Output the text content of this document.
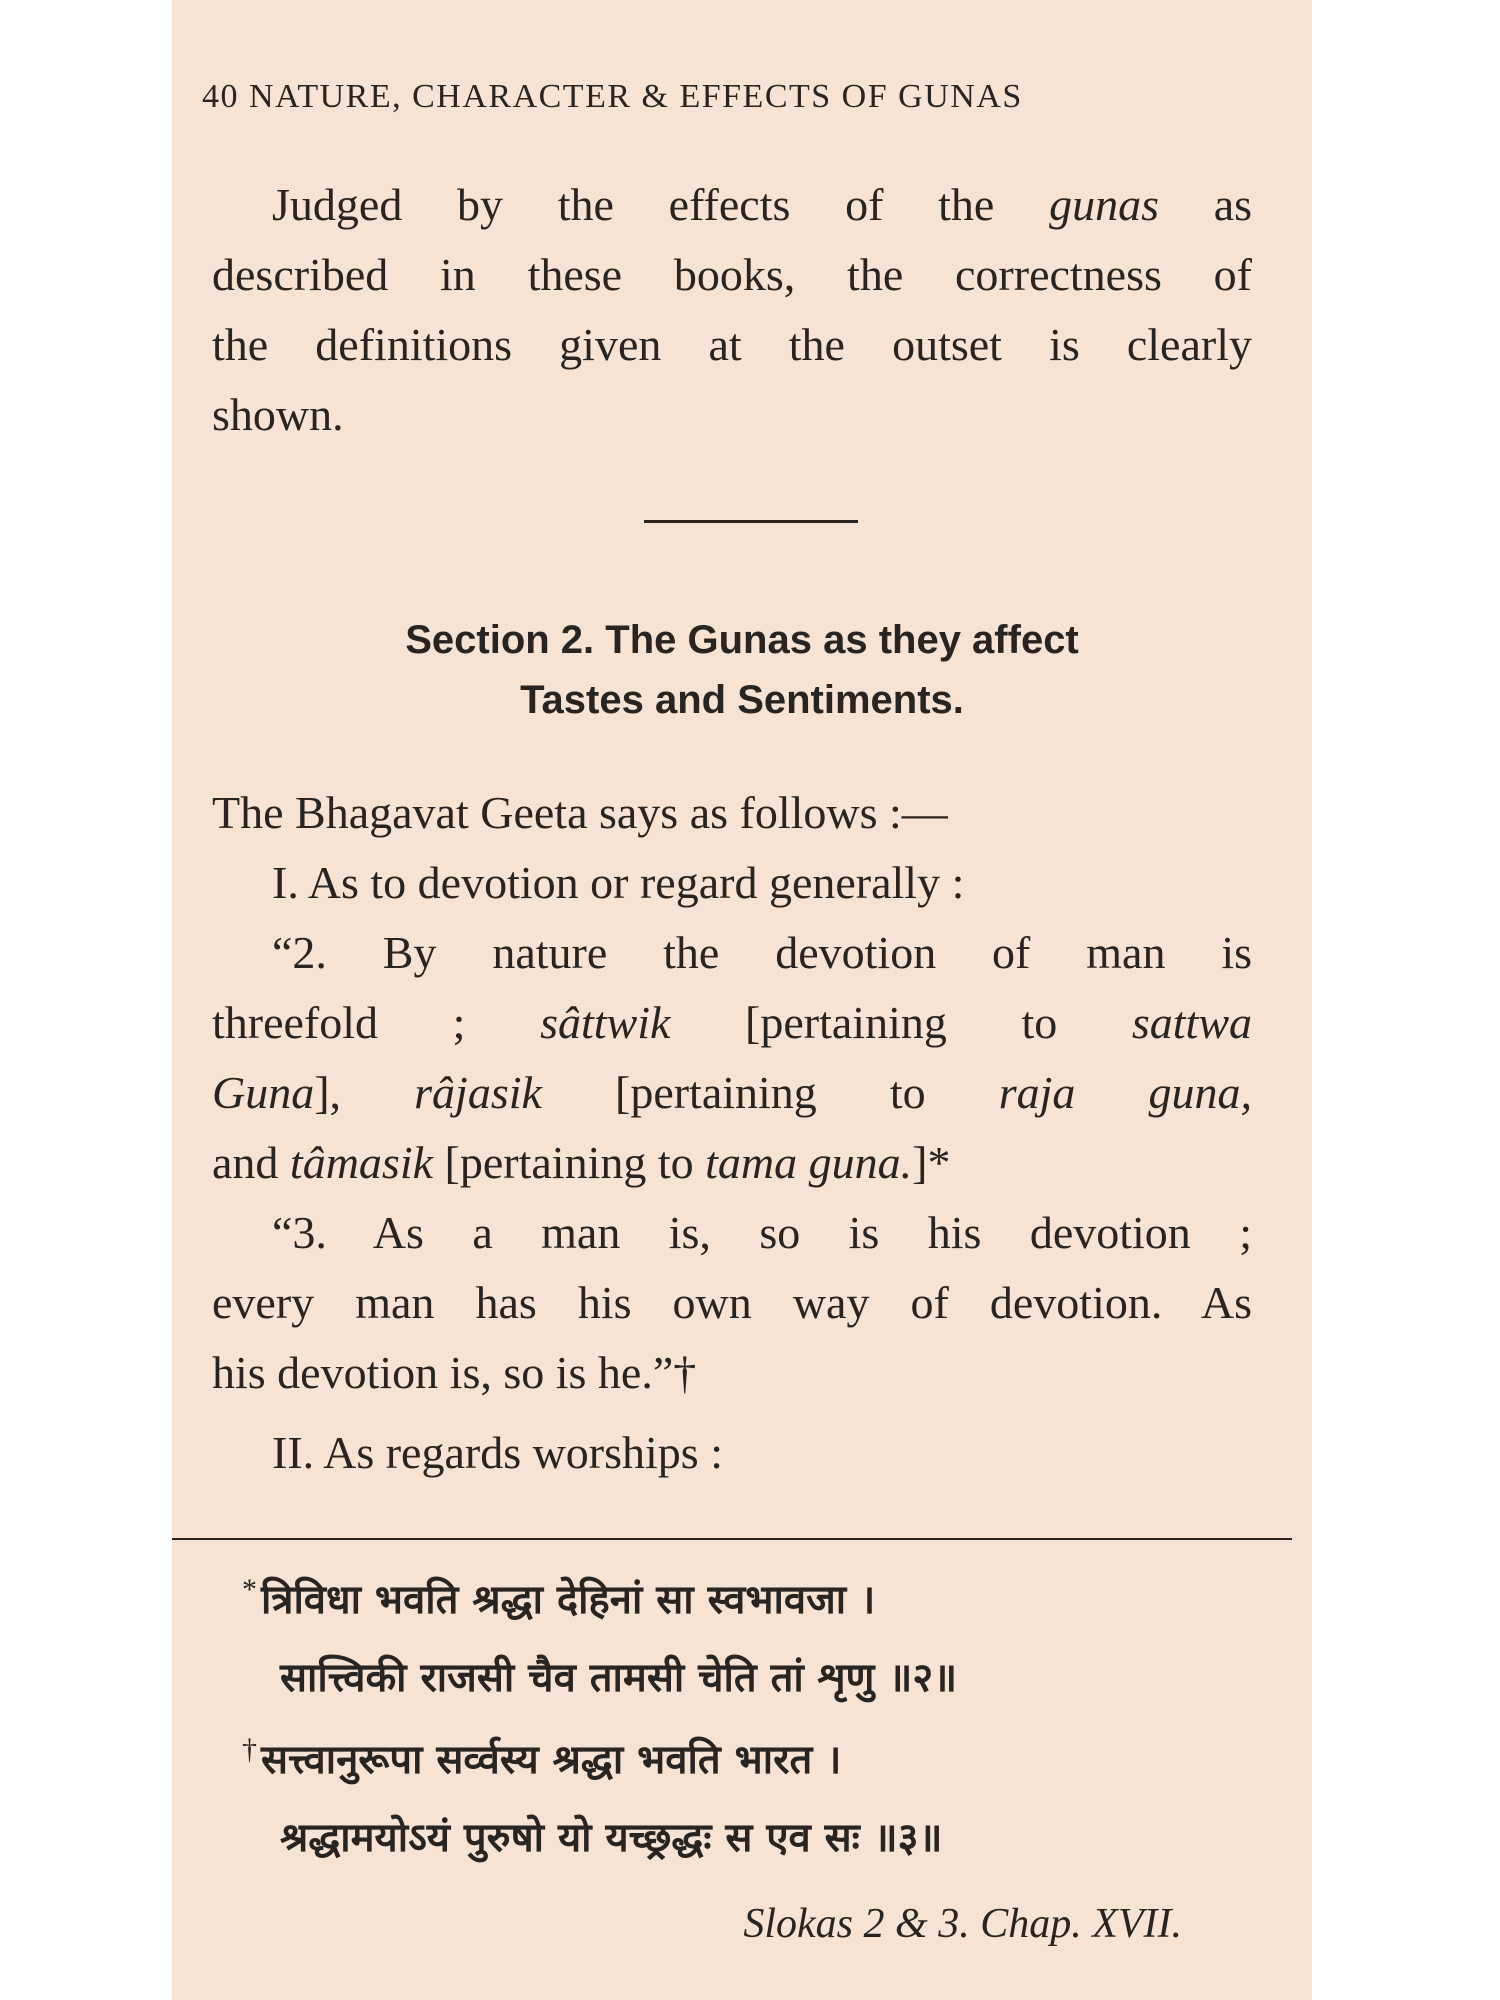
40 NATURE, CHARACTER & EFFECTS OF GUNAS
Judged by the effects of the gunas as
described in these books, the correctness of
the definitions given at the outset is clearly
shown.
Section 2. The Gunas as they affect
Tastes and Sentiments.
The Bhagavat Geeta says as follows :—
I. As to devotion or regard generally :
“2. By nature the devotion of man is
threefold ; sâttwik [pertaining to sattwa
Guna], râjasik [pertaining to raja guna,
and tâmasik [pertaining to tama guna.]*
“3. As a man is, so is his devotion ;
every man has his own way of devotion. As
his devotion is, so is he.”†
II. As regards worships :
* त्रिविधा भवति श्रद्धा देहिनां सा स्वभावजा ।
सात्त्विकी राजसी चैव तामसी चेति तां शृणु ॥२॥
† सत्त्वानुरूपा सर्व्वस्य श्रद्धा भवति भारत ।
श्रद्धामयोऽयं पुरुषो यो यच्छ्रद्धः स एव सः ॥३॥
Slokas 2 & 3. Chap. XVII.
